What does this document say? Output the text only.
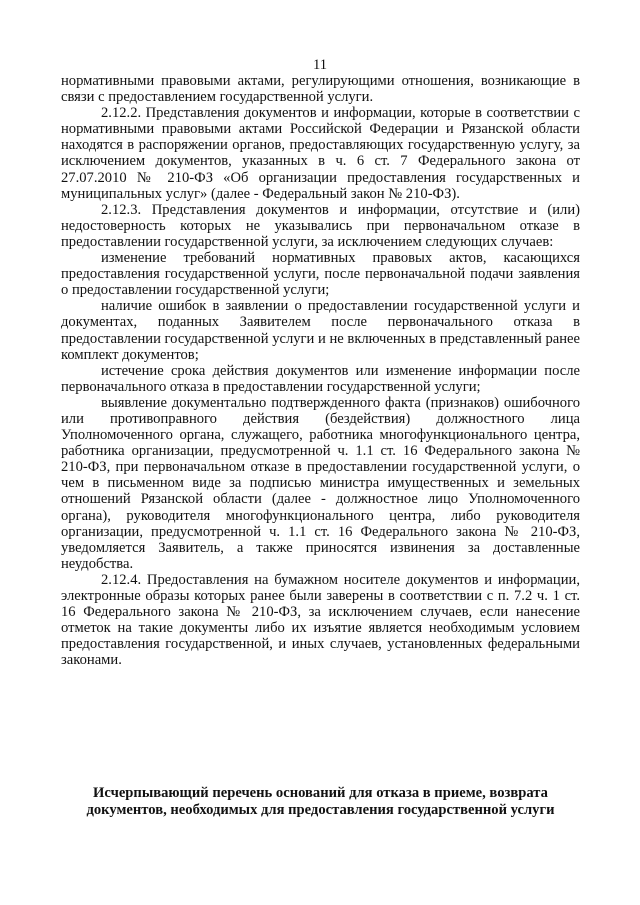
11

нормативными правовыми актами, регулирующими отношения, возникающие в связи с предоставлением государственной услуги.

2.12.2. Представления документов и информации, которые в соответствии с нормативными правовыми актами Российской Федерации и Рязанской области находятся в распоряжении органов, предоставляющих государственную услугу, за исключением документов, указанных в ч. 6 ст. 7 Федерального закона от 27.07.2010 № 210-ФЗ «Об организации предоставления государственных и муниципальных услуг» (далее - Федеральный закон № 210-ФЗ).

2.12.3. Представления документов и информации, отсутствие и (или) недостоверность которых не указывались при первоначальном отказе в предоставлении государственной услуги, за исключением следующих случаев:

изменение требований нормативных правовых актов, касающихся предоставления государственной услуги, после первоначальной подачи заявления о предоставлении государственной услуги;

наличие ошибок в заявлении о предоставлении государственной услуги и документах, поданных Заявителем после первоначального отказа в предоставлении государственной услуги и не включенных в представленный ранее комплект документов;

истечение срока действия документов или изменение информации после первоначального отказа в предоставлении государственной услуги;

выявление документально подтвержденного факта (признаков) ошибочного или противоправного действия (бездействия) должностного лица Уполномоченного органа, служащего, работника многофункционального центра, работника организации, предусмотренной ч. 1.1 ст. 16 Федерального закона № 210-ФЗ, при первоначальном отказе в предоставлении государственной услуги, о чем в письменном виде за подписью министра имущественных и земельных отношений Рязанской области (далее - должностное лицо Уполномоченного органа), руководителя многофункционального центра, либо руководителя организации, предусмотренной ч. 1.1 ст. 16 Федерального закона № 210-ФЗ, уведомляется Заявитель, а также приносятся извинения за доставленные неудобства.

2.12.4. Предоставления на бумажном носителе документов и информации, электронные образы которых ранее были заверены в соответствии с п. 7.2 ч. 1 ст. 16 Федерального закона № 210-ФЗ, за исключением случаев, если нанесение отметок на такие документы либо их изъятие является необходимым условием предоставления государственной, и иных случаев, установленных федеральными законами.

Исчерпывающий перечень оснований для отказа в приеме, возврата
документов, необходимых для предоставления государственной услуги
